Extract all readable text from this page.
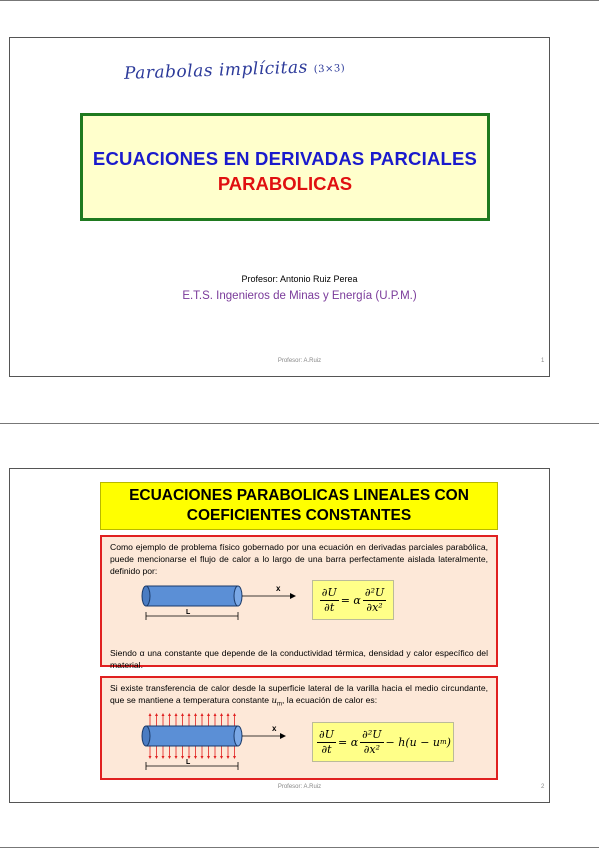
Parabolas implícitas (3×3)
ECUACIONES EN DERIVADAS PARCIALES
PARABOLICAS
Profesor: Antonio Ruiz Perea
E.T.S. Ingenieros de Minas y Energía (U.P.M.)
Profesor: A.Ruiz	1
ECUACIONES PARABOLICAS LINEALES CON
COEFICIENTES CONSTANTES
Como ejemplo de problema físico gobernado por una ecuación en derivadas parciales parabólica, puede mencionarse el flujo de calor a lo largo de una barra perfectamente aislada lateralmente, definido por:
Siendo α una constante que depende de la conductividad térmica, densidad y calor específico del material.
x
L	$\frac{\partial U}{\partial t} = \alpha \frac{\text{∂²U}}{\text{∂x²}}$
Si existe transferencia de calor desde la superficie lateral de la varilla hacia el medio circundante, que se mantiene a temperatura constante $u_m$, la ecuación de calor es:
x
L
$\frac{\partial U}{\partial t} = \alpha \frac{\text{∂²U}}{\text{∂x²}} - h(u - u$ m )
Profesor: A.Ruiz	2
